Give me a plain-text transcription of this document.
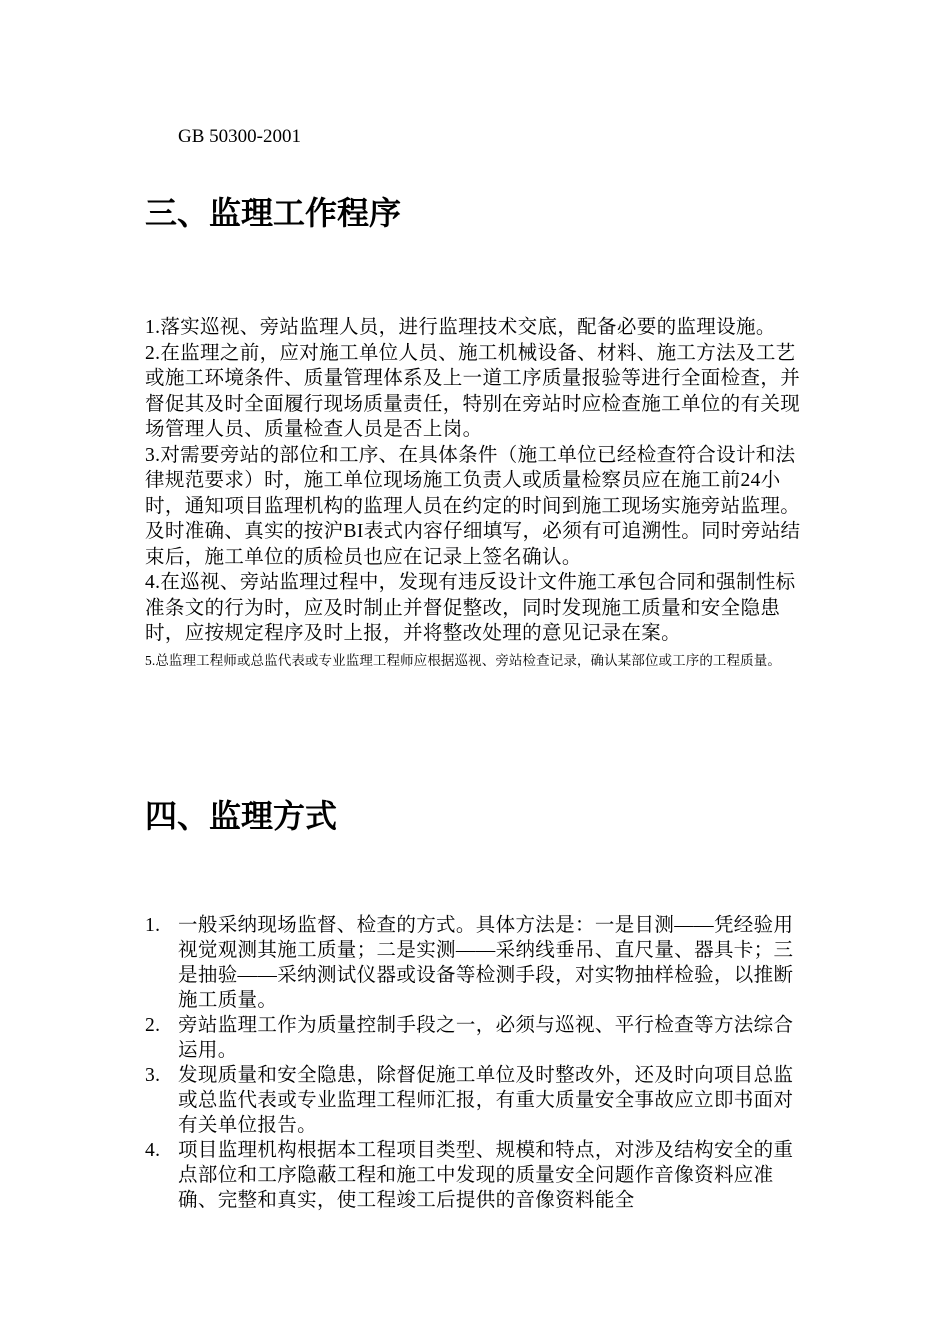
GB 50300-2001
三、监理工作程序

1.落实巡视、旁站监理人员，进行监理技术交底，配备必要的监理设施。

2.在监理之前，应对施工单位人员、施工机械设备、材料、施工方法及工艺或施工环境条件、质量管理体系及上一道工序质量报验等进行全面检查，并督促其及时全面履行现场质量责任，特别在旁站时应检查施工单位的有关现场管理人员、质量检查人员是否上岗。

3.对需要旁站的部位和工序、在具体条件（施工单位已经检查符合设计和法律规范要求）时，施工单位现场施工负责人或质量检察员应在施工前24小时，通知项目监理机构的监理人员在约定的时间到施工现场实施旁站监理。及时准确、真实的按沪BI表式内容仔细填写，必须有可追溯性。同时旁站结束后，施工单位的质检员也应在记录上签名确认。

4.在巡视、旁站监理过程中，发现有违反设计文件施工承包合同和强制性标准条文的行为时，应及时制止并督促整改，同时发现施工质量和安全隐患时，应按规定程序及时上报，并将整改处理的意见记录在案。

5.总监理工程师或总监代表或专业监理工程师应根据巡视、旁站检查记录，确认某部位或工序的工程质量。

四、监理方式
1. 一般采纳现场监督、检查的方式。具体方法是：一是目测——凭经验用视觉观测其施工质量；二是实测——采纳线垂吊、直尺量、器具卡；三是抽验——采纳测试仪器或设备等检测手段，对实物抽样检验，以推断施工质量。
2. 旁站监理工作为质量控制手段之一，必须与巡视、平行检查等方法综合运用。
3. 发现质量和安全隐患，除督促施工单位及时整改外，还及时向项目总监或总监代表或专业监理工程师汇报，有重大质量安全事故应立即书面对有关单位报告。
4. 项目监理机构根据本工程项目类型、规模和特点，对涉及结构安全的重点部位和工序隐蔽工程和施工中发现的质量安全问题作音像资料应准确、完整和真实，使工程竣工后提供的音像资料能全
